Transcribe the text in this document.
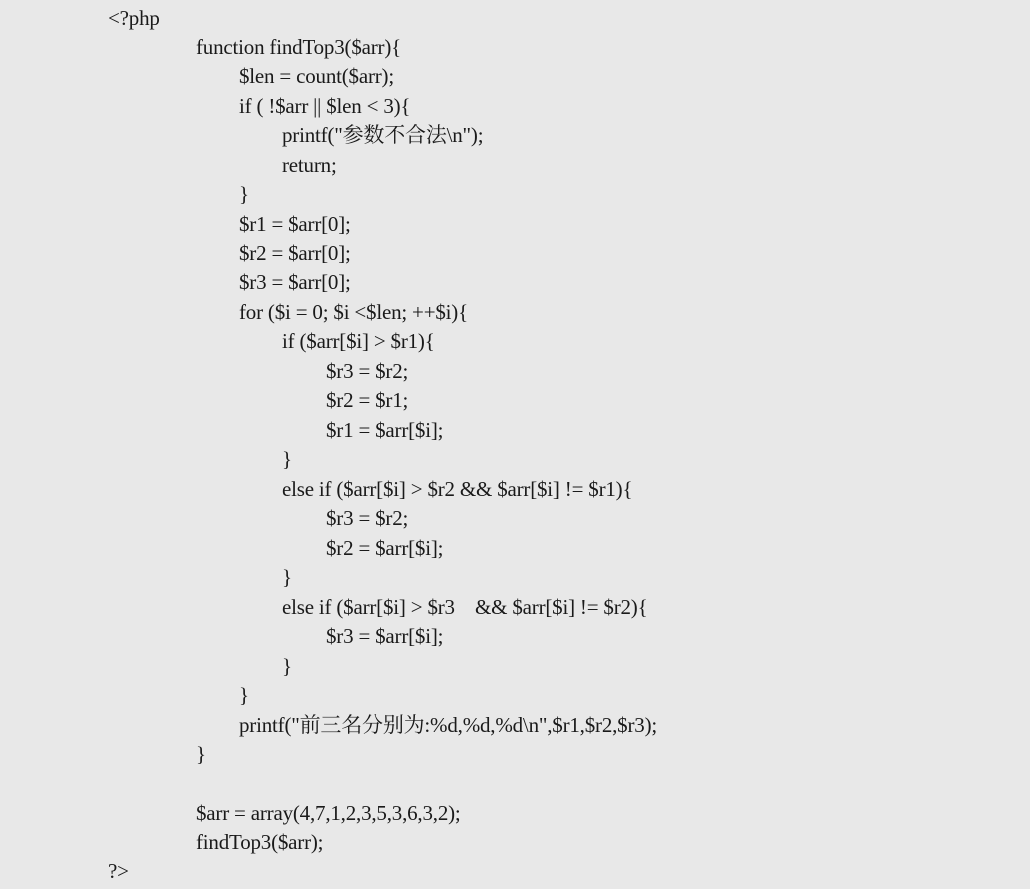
<?php
function findTop3($arr){
$len = count($arr);
if ( !$arr || $len < 3){
printf("参数不合法\n");
return;
}
$r1 = $arr[0];
$r2 = $arr[0];
$r3 = $arr[0];
for ($i = 0; $i <$len; ++$i){
if ($arr[$i] > $r1){
$r3 = $r2;
$r2 = $r1;
$r1 = $arr[$i];
}
else if ($arr[$i] > $r2 && $arr[$i] != $r1){
$r3 = $r2;
$r2 = $arr[$i];
}
else if ($arr[$i] > $r3    && $arr[$i] != $r2){
$r3 = $arr[$i];
}
}
printf("前三名分别为:%d,%d,%d\n",$r1,$r2,$r3);
}
$arr = array(4,7,1,2,3,5,3,6,3,2);
findTop3($arr);
?>
